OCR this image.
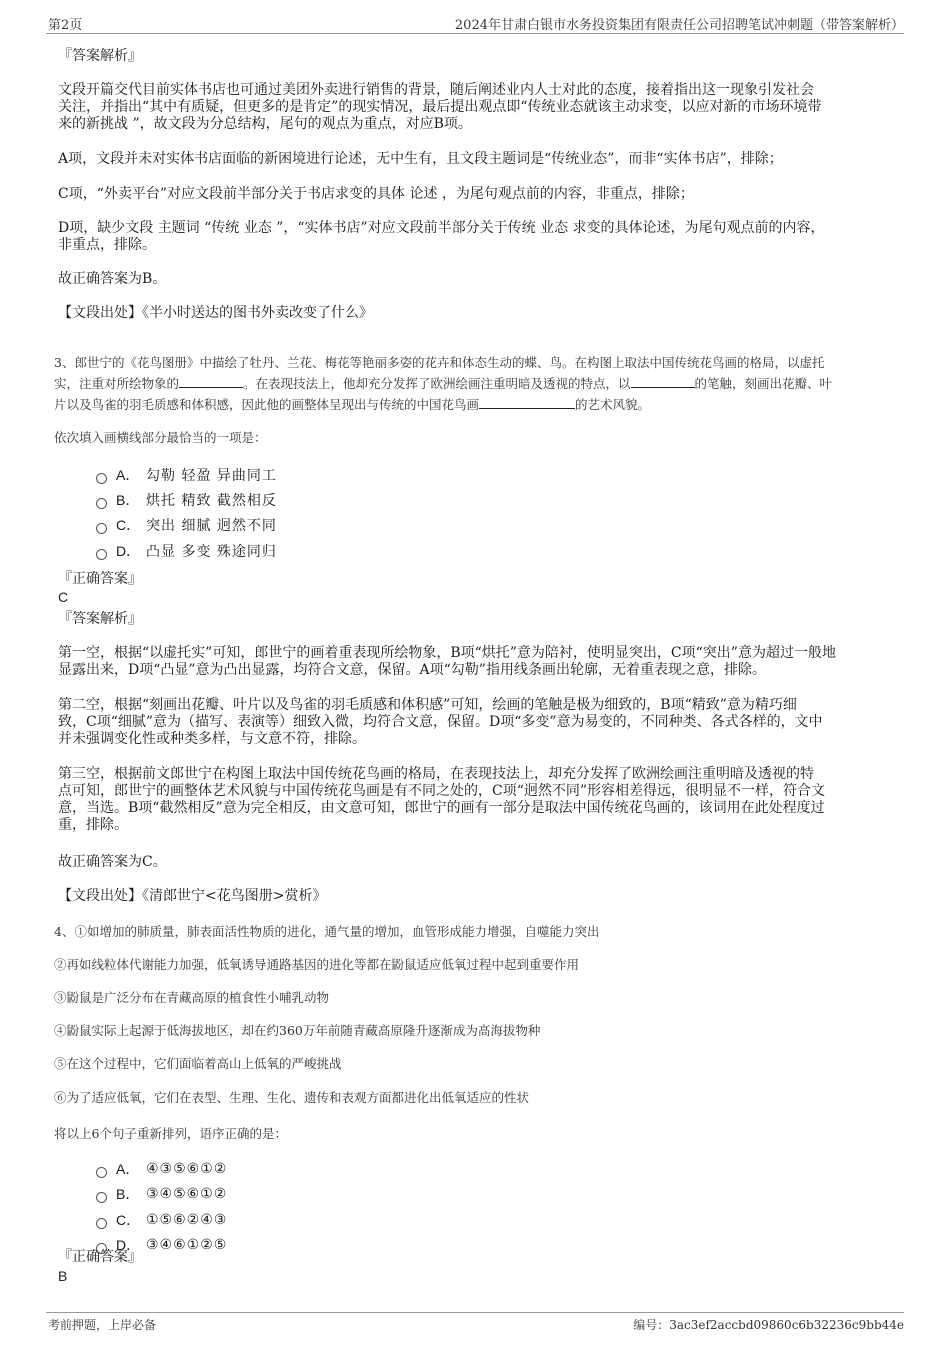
第2页	2024年甘肃白银市水务投资集团有限责任公司招聘笔试冲刺题（带答案解析）
『答案解析』
文段开篇交代目前实体书店也可通过美团外卖进行销售的背景，随后阐述业内人士对此的态度，接着指出这一现象引发社会
关注，并指出“其中有质疑，但更多的是肯定”的现实情况，最后提出观点即“传统业态就该主动求变，以应对新的市场环境带
来的新挑战 ”，故文段为分总结构，尾句的观点为重点，对应B项。
A项，文段并未对实体书店面临的新困境进行论述，无中生有，且文段主题词是“传统业态”，而非“实体书店”，排除；
C项，“外卖平台”对应文段前半部分关于书店求变的具体 论述 ，为尾句观点前的内容，非重点，排除；
D项，缺少文段 主题词 “传统 业态 ”，“实体书店”对应文段前半部分关于传统 业态 求变的具体论述，为尾句观点前的内容，
非重点，排除。
故正确答案为B。
【文段出处】《半小时送达的图书外卖改变了什么》
3、郎世宁的《花鸟图册》中描绘了牡丹、兰花、梅花等艳丽多姿的花卉和体态生动的蝶、鸟。在构图上取法中国传统花鸟画的格局，以虚托
实，注重对所绘物象的	。在表现技法上，他却充分发挥了欧洲绘画注重明暗及透视的特点，以	的笔触，刻画出花瓣、叶
片以及鸟雀的羽毛质感和体积感，因此他的画整体呈现出与传统的中国花鸟画	的艺术风貌。
依次填入画横线部分最恰当的一项是：
A． 勾勒 轻盈 异曲同工
B． 烘托 精致 截然相反
C． 突出 细腻 迥然不同
D． 凸显 多变 殊途同归
『正确答案』
C
『答案解析』
第一空，根据“以虚托实”可知，郎世宁的画着重表现所绘物象，B项“烘托”意为陪衬，使明显突出，C项“突出”意为超过一般地
显露出来，D项“凸显”意为凸出显露，均符合文意，保留。A项“勾勒”指用线条画出轮廓，无着重表现之意，排除。
第二空，根据“刻画出花瓣、叶片以及鸟雀的羽毛质感和体积感”可知，绘画的笔触是极为细致的，B项“精致”意为精巧细
致，C项“细腻”意为（描写、表演等）细致入微，均符合文意，保留。D项“多变”意为易变的，不同种类、各式各样的，文中
并未强调变化性或种类多样，与文意不符，排除。
第三空，根据前文郎世宁在构图上取法中国传统花鸟画的格局，在表现技法上，却充分发挥了欧洲绘画注重明暗及透视的特
点可知，郎世宁的画整体艺术风貌与中国传统花鸟画是有不同之处的，C项“迥然不同”形容相差得远，很明显不一样，符合文
意，当选。B项“截然相反”意为完全相反，由文意可知，郎世宁的画有一部分是取法中国传统花鸟画的，该词用在此处程度过
重，排除。
故正确答案为C。
【文段出处】《清郎世宁<花鸟图册>赏析》
4、①如增加的肺质量，肺表面活性物质的进化，通气量的增加，血管形成能力增强，自噬能力突出
②再如线粒体代谢能力加强，低氧诱导通路基因的进化等都在鼢鼠适应低氧过程中起到重要作用
③鼢鼠是广泛分布在青藏高原的植食性小哺乳动物
④鼢鼠实际上起源于低海拔地区，却在约360万年前随青藏高原隆升逐渐成为高海拔物种
⑤在这个过程中，它们面临着高山上低氧的严峻挑战
⑥为了适应低氧，它们在表型、生理、生化、遗传和表观方面都进化出低氧适应的性状
将以上6个句子重新排列，语序正确的是：
A． ④③⑤⑥①②
B． ③④⑤⑥①②
C． ①⑤⑥②④③
D． ③④⑥①②⑤
『正确答案』
B
考前押题，上岸必备	编号：3ac3ef2accbd09860c6b32236c9bb44e
